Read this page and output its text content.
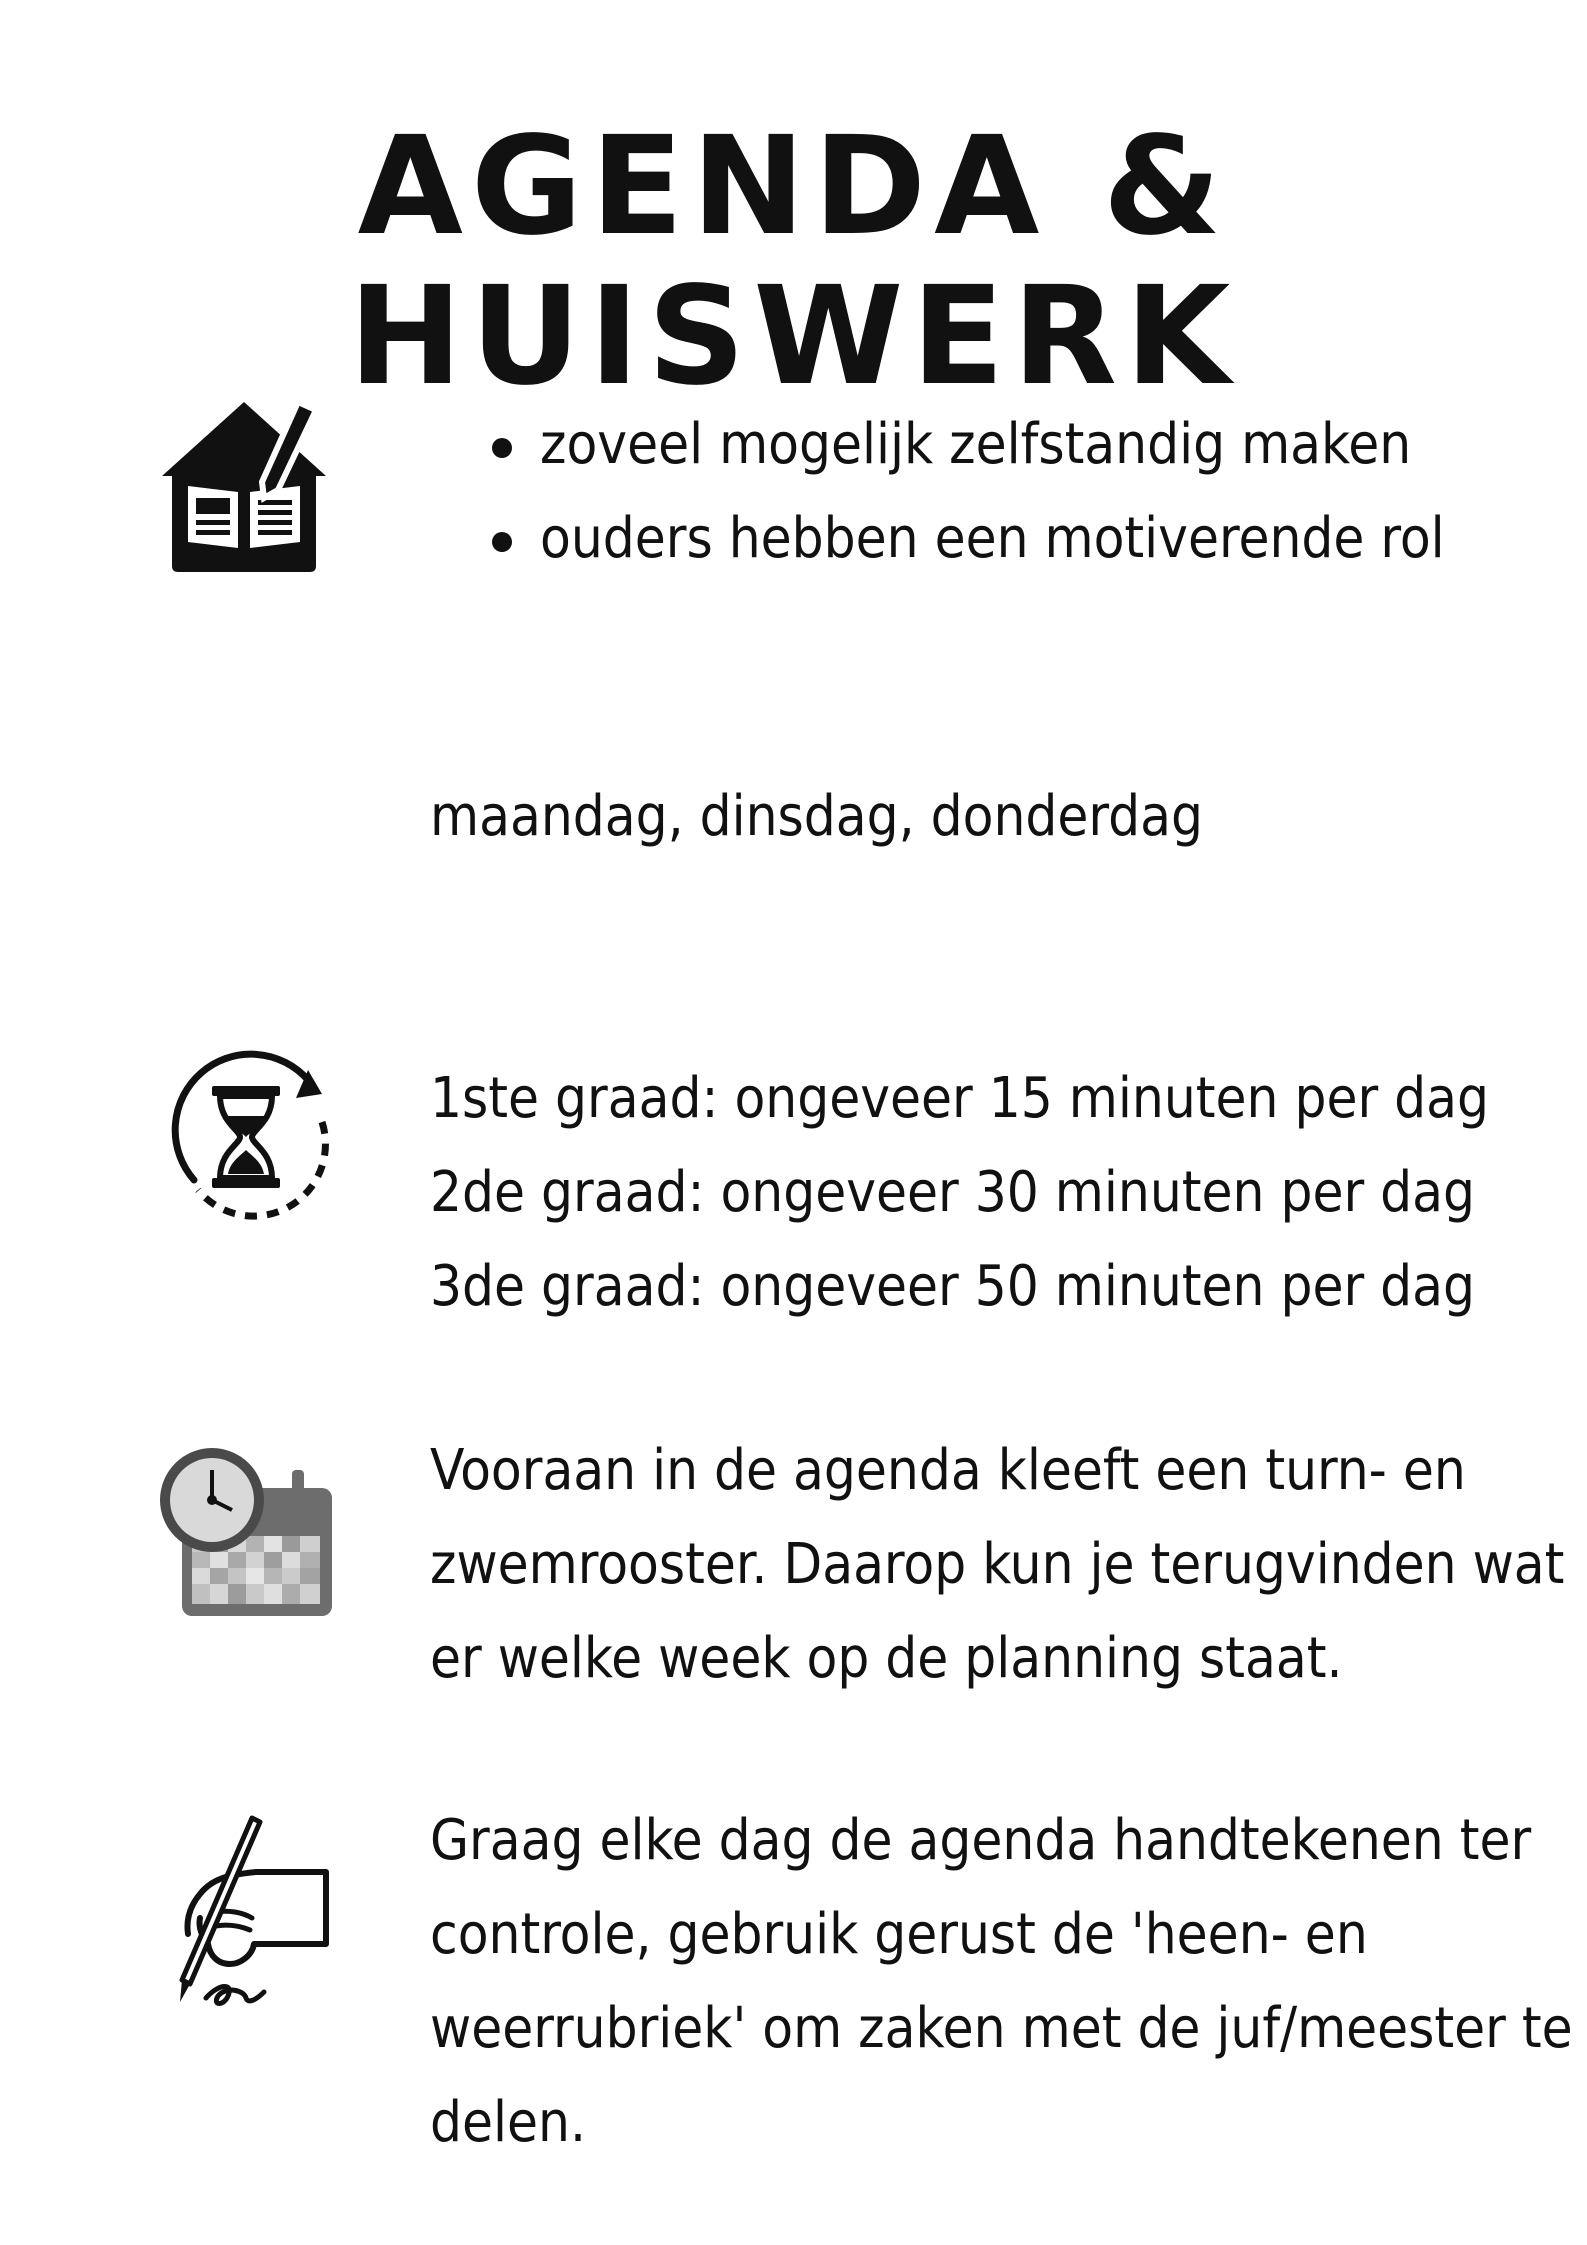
AGENDA & HUISWERK
zoveel mogelijk zelfstandig maken
ouders hebben een motiverende rol
maandag, dinsdag, donderdag
1ste graad: ongeveer 15 minuten per dag
2de graad: ongeveer 30 minuten per dag
3de graad: ongeveer 50 minuten per dag
Vooraan in de agenda kleeft een turn- en
zwemrooster. Daarop kun je terugvinden wat
er welke week op de planning staat.
Graag elke dag de agenda handtekenen ter
controle, gebruik gerust de 'heen- en
weerrubriek' om zaken met de juf/meester te
delen.
